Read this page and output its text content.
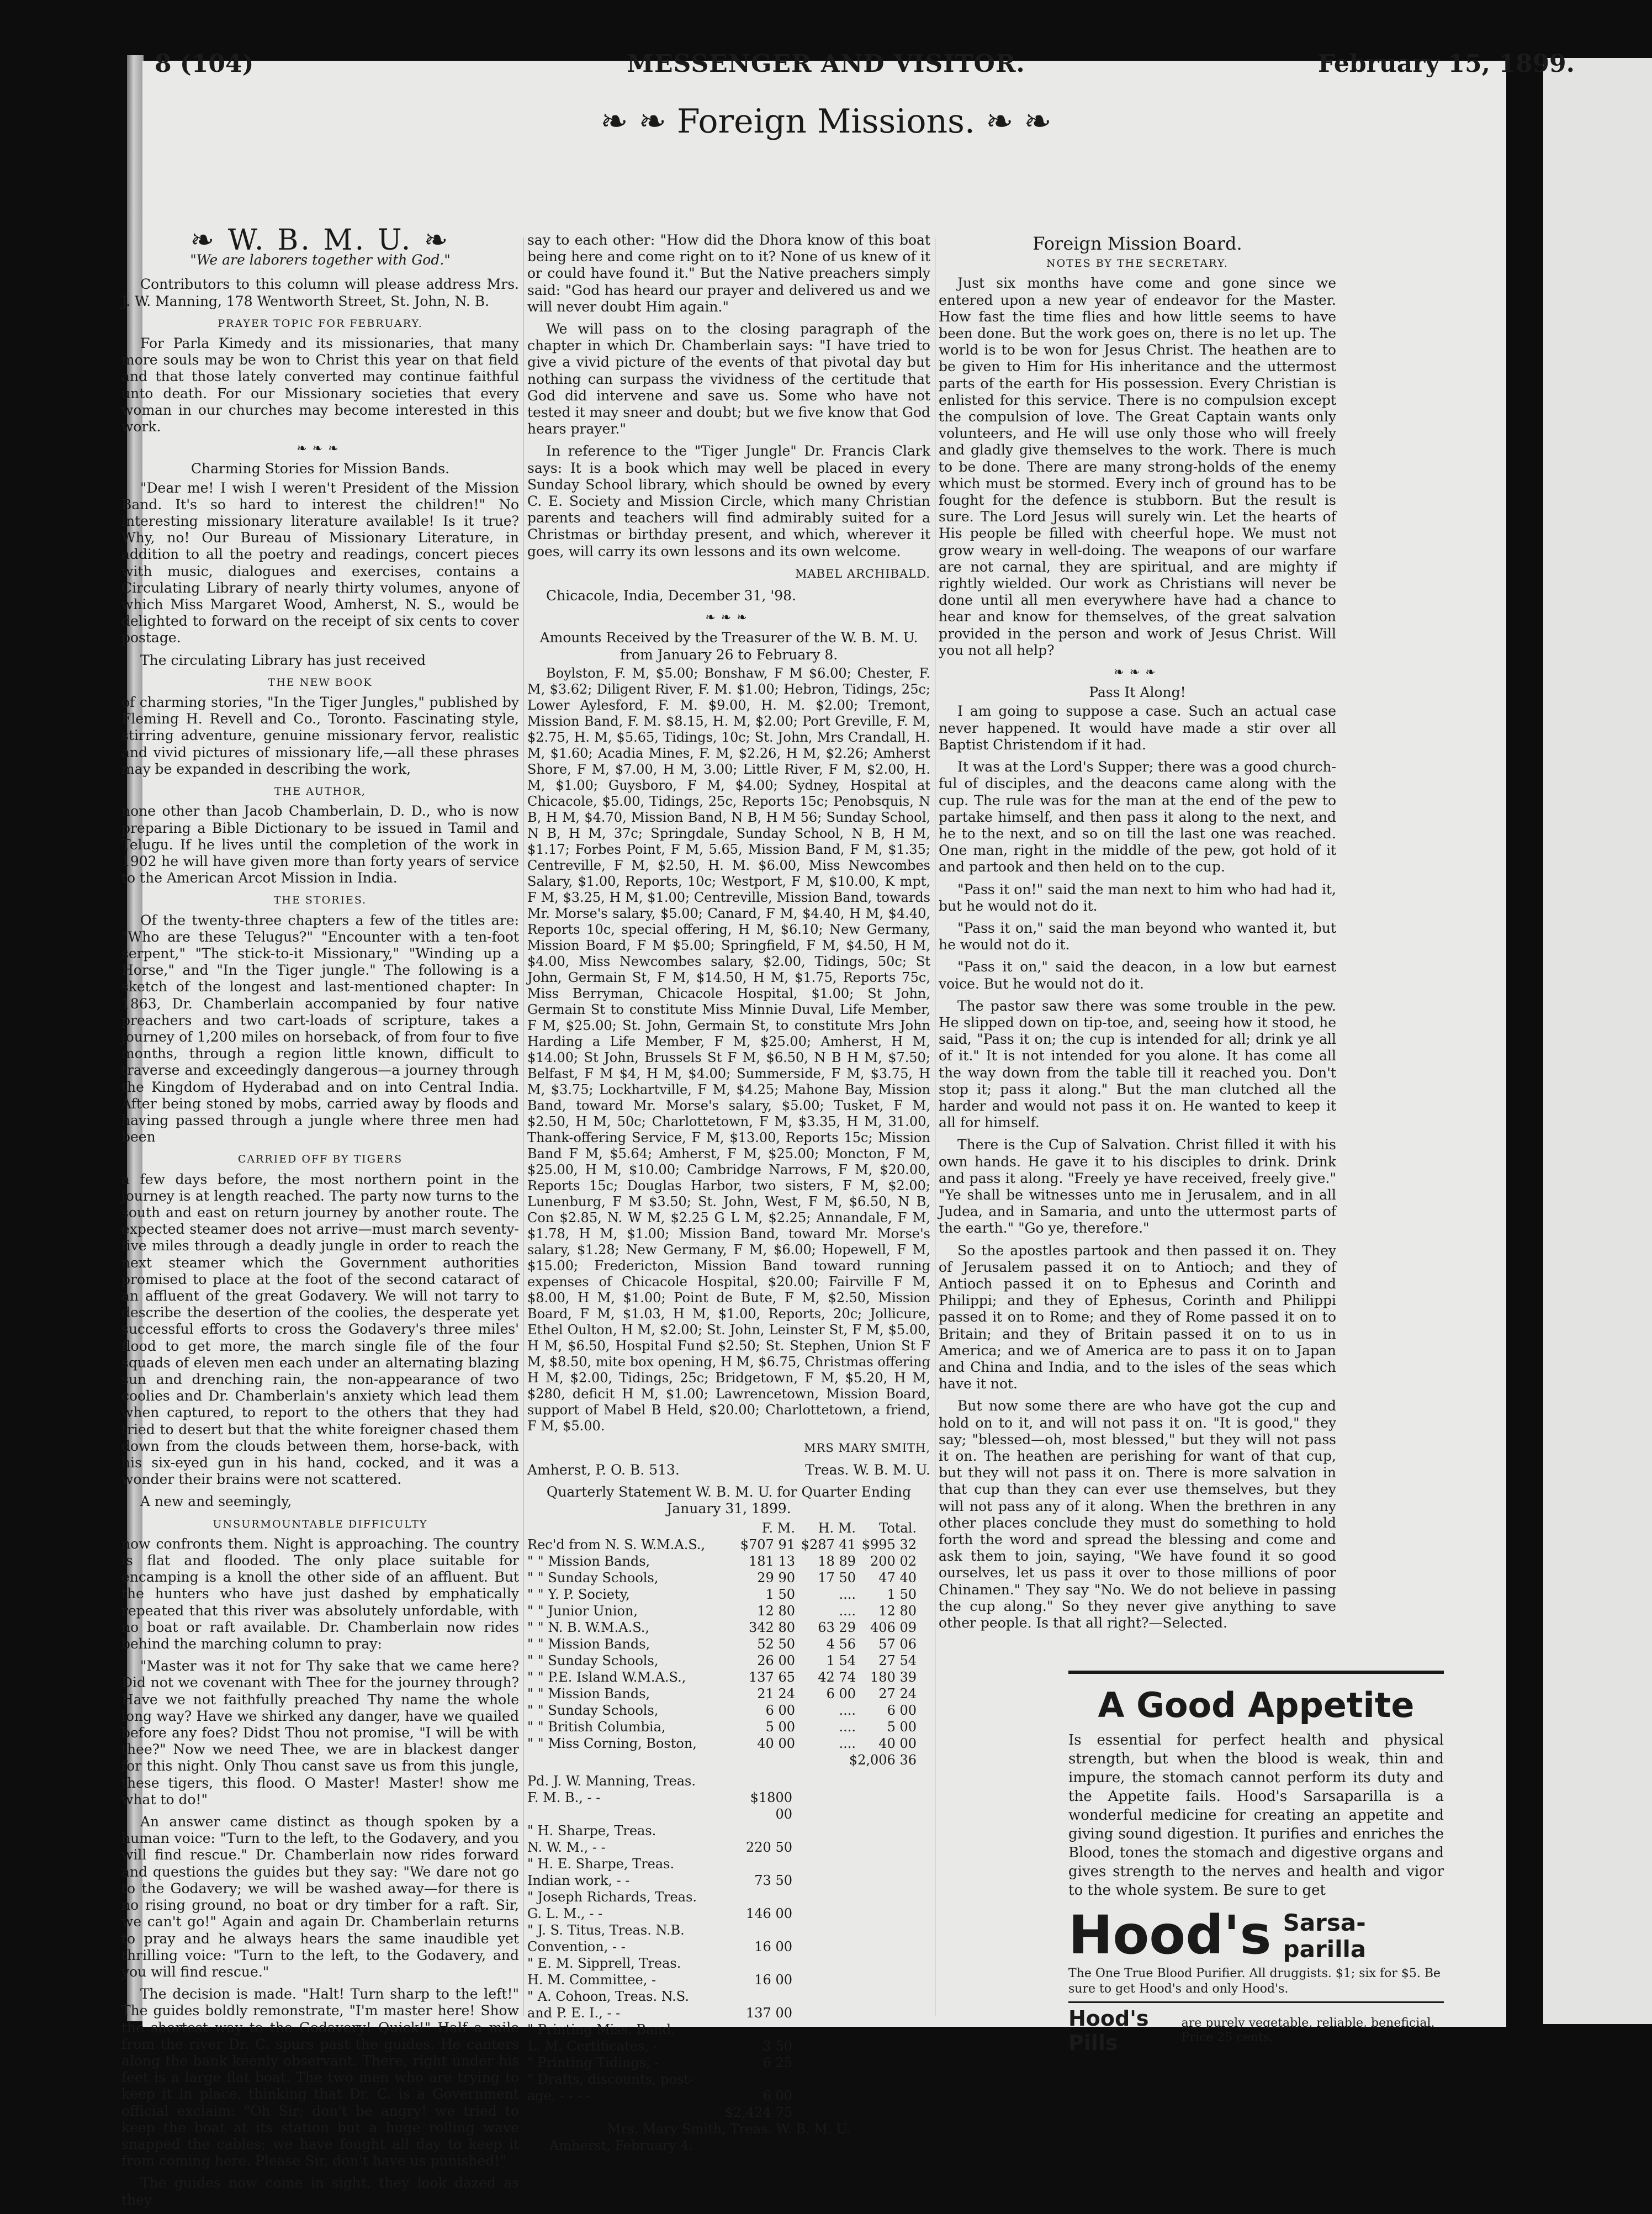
8 (104)	MESSENGER AND VISITOR.	February 15, 1899.
❧ ❧ Foreign Missions. ❧ ❧
❧ W. B. M. U. ❧
"We are laborers together with God."

Contributors to this column will please address Mrs. J. W. Manning, 178 Wentworth Street, St. John, N. B.

PRAYER TOPIC FOR FEBRUARY.

For Parla Kimedy and its missionaries, that many more souls may be won to Christ this year on that field and that those lately converted may continue faithful unto death. For our Missionary societies that every woman in our churches may become interested in this work.

❧❧❧
Charming Stories for Mission Bands.

"Dear me! I wish I weren't President of the Mission Band. It's so hard to interest the children!" No interesting missionary literature available! Is it true? Why, no! Our Bureau of Missionary Literature, in addition to all the poetry and readings, concert pieces with music, dialogues and exercises, contains a Circulating Library of nearly thirty volumes, anyone of which Miss Margaret Wood, Amherst, N. S., would be delighted to forward on the receipt of six cents to cover postage.

The circulating Library has just received

THE NEW BOOK

of charming stories, "In the Tiger Jungles," published by Fleming H. Revell and Co., Toronto. Fascinating style, stirring adventure, genuine missionary fervor, realistic and vivid pictures of missionary life,—all these phrases may be expanded in describing the work,

THE AUTHOR,

none other than Jacob Chamberlain, D. D., who is now preparing a Bible Dictionary to be issued in Tamil and Telugu. If he lives until the completion of the work in 1902 he will have given more than forty years of service to the American Arcot Mission in India.

THE STORIES.

Of the twenty-three chapters a few of the titles are: "Who are these Telugus?" "Encounter with a ten-foot serpent," "The stick-to-it Missionary," "Winding up a Horse," and "In the Tiger jungle." The following is a sketch of the longest and last-mentioned chapter: In 1863, Dr. Chamberlain accompanied by four native preachers and two cart-loads of scripture, takes a journey of 1,200 miles on horseback, of from four to five months, through a region little known, difficult to traverse and exceedingly dangerous—a journey through the Kingdom of Hyderabad and on into Central India. After being stoned by mobs, carried away by floods and having passed through a jungle where three men had been

CARRIED OFF BY TIGERS

a few days before, the most northern point in the journey is at length reached. The party now turns to the south and east on return journey by another route. The expected steamer does not arrive—must march seventy-five miles through a deadly jungle in order to reach the next steamer which the Government authorities promised to place at the foot of the second cataract of an affluent of the great Godavery. We will not tarry to describe the desertion of the coolies, the desperate yet successful efforts to cross the Godavery's three miles' flood to get more, the march single file of the four squads of eleven men each under an alternating blazing sun and drenching rain, the non-appearance of two coolies and Dr. Chamberlain's anxiety which lead them when captured, to report to the others that they had tried to desert but that the white foreigner chased them down from the clouds between them, horse-back, with his six-eyed gun in his hand, cocked, and it was a wonder their brains were not scattered.

A new and seemingly,

UNSURMOUNTABLE DIFFICULTY

now confronts them. Night is approaching. The country is flat and flooded. The only place suitable for encamping is a knoll the other side of an affluent. But the hunters who have just dashed by emphatically repeated that this river was absolutely unfordable, with no boat or raft available. Dr. Chamberlain now rides behind the marching column to pray:

"Master was it not for Thy sake that we came here? Did not we covenant with Thee for the journey through? Have we not faithfully preached Thy name the whole long way? Have we shirked any danger, have we quailed before any foes? Didst Thou not promise, "I will be with thee?" Now we need Thee, we are in blackest danger for this night. Only Thou canst save us from this jungle, these tigers, this flood. O Master! Master! show me what to do!"

An answer came distinct as though spoken by a human voice: "Turn to the left, to the Godavery, and you will find rescue." Dr. Chamberlain now rides forward and questions the guides but they say: "We dare not go to the Godavery; we will be washed away—for there is no rising ground, no boat or dry timber for a raft. Sir, we can't go!" Again and again Dr. Chamberlain returns to pray and he always hears the same inaudible yet thrilling voice: "Turn to the left, to the Godavery, and you will find rescue."

The decision is made. "Halt! Turn sharp to the left!" The guides boldly remonstrate, "I'm master here! Show the shortest way to the Godavery! Quick!" Half a mile from the river Dr. C. spurs past the guides. He canters along the bank keenly observant. There, right under his feet is a large flat boat. The two men who are trying to keep it in place, thinking that Dr. C. is a Government official exclaim: "Oh Sir; don't be angry! we tried to keep the boat at its station but a huge rolling wave snapped the cables; we have fought all day to keep it from coming here. Please Sir, don't have us punished!"

The guides now come in sight, they look dazed as they

say to each other: "How did the Dhora know of this boat being here and come right on to it? None of us knew of it or could have found it." But the Native preachers simply said: "God has heard our prayer and delivered us and we will never doubt Him again."

We will pass on to the closing paragraph of the chapter in which Dr. Chamberlain says: "I have tried to give a vivid picture of the events of that pivotal day but nothing can surpass the vividness of the certitude that God did intervene and save us. Some who have not tested it may sneer and doubt; but we five know that God hears prayer."

In reference to the "Tiger Jungle" Dr. Francis Clark says: It is a book which may well be placed in every Sunday School library, which should be owned by every C. E. Society and Mission Circle, which many Christian parents and teachers will find admirably suited for a Christmas or birthday present, and which, wherever it goes, will carry its own lessons and its own welcome.

MABEL ARCHIBALD.

Chicacole, India, December 31, '98.

❧❧❧
Amounts Received by the Treasurer of the W. B. M. U. from January 26 to February 8.

Boylston, F. M, $5.00; Bonshaw, F M $6.00; Chester, F. M, $3.62; Diligent River, F. M. $1.00; Hebron, Tidings, 25c; Lower Aylesford, F. M. $9.00, H. M. $2.00; Tremont, Mission Band, F. M. $8.15, H. M, $2.00; Port Greville, F. M, $2.75, H. M, $5.65, Tidings, 10c; St. John, Mrs Crandall, H. M, $1.60; Acadia Mines, F. M, $2.26, H M, $2.26; Amherst Shore, F M, $7.00, H M, 3.00; Little River, F M, $2.00, H. M, $1.00; Guysboro, F M, $4.00; Sydney, Hospital at Chicacole, $5.00, Tidings, 25c, Reports 15c; Penobsquis, N B, H M, $4.70, Mission Band, N B, H M 56; Sunday School, N B, H M, 37c; Springdale, Sunday School, N B, H M, $1.17; Forbes Point, F M, 5.65, Mission Band, F M, $1.35; Centreville, F M, $2.50, H. M. $6.00, Miss Newcombes Salary, $1.00, Reports, 10c; Westport, F M, $10.00, K mpt, F M, $3.25, H M, $1.00; Centreville, Mission Band, towards Mr. Morse's salary, $5.00; Canard, F M, $4.40, H M, $4.40, Reports 10c, special offering, H M, $6.10; New Germany, Mission Board, F M $5.00; Springfield, F M, $4.50, H M, $4.00, Miss Newcombes salary, $2.00, Tidings, 50c; St John, Germain St, F M, $14.50, H M, $1.75, Reports 75c, Miss Berryman, Chicacole Hospital, $1.00; St John, Germain St to constitute Miss Minnie Duval, Life Member, F M, $25.00; St. John, Germain St, to constitute Mrs John Harding a Life Member, F M, $25.00; Amherst, H M, $14.00; St John, Brussels St F M, $6.50, N B H M, $7.50; Belfast, F M $4, H M, $4.00; Summerside, F M, $3.75, H M, $3.75; Lockhartville, F M, $4.25; Mahone Bay, Mission Band, toward Mr. Morse's salary, $5.00; Tusket, F M, $2.50, H M, 50c; Charlottetown, F M, $3.35, H M, 31.00, Thank-offering Service, F M, $13.00, Reports 15c; Mission Band F M, $5.64; Amherst, F M, $25.00; Moncton, F M, $25.00, H M, $10.00; Cambridge Narrows, F M, $20.00, Reports 15c; Douglas Harbor, two sisters, F M, $2.00; Lunenburg, F M $3.50; St. John, West, F M, $6.50, N B, Con $2.85, N. W M, $2.25 G L M, $2.25; Annandale, F M, $1.78, H M, $1.00; Mission Band, toward Mr. Morse's salary, $1.28; New Germany, F M, $6.00; Hopewell, F M, $15.00; Fredericton, Mission Band toward running expenses of Chicacole Hospital, $20.00; Fairville F M, $8.00, H M, $1.00; Point de Bute, F M, $2.50, Mission Board, F M, $1.03, H M, $1.00, Reports, 20c; Jollicure, Ethel Oulton, H M, $2.00; St. John, Leinster St, F M, $5.00, H M, $6.50, Hospital Fund $2.50; St. Stephen, Union St F M, $8.50, mite box opening, H M, $6.75, Christmas offering H M, $2.00, Tidings, 25c; Bridgetown, F M, $5.20, H M, $280, deficit H M, $1.00; Lawrencetown, Mission Board, support of Mabel B Held, $20.00; Charlottetown, a friend, F M, $5.00.

MRS MARY SMITH,
Amherst, P. O. B. 513.	Treas. W. B. M. U.
Quarterly Statement W. B. M. U. for Quarter Ending January 31, 1899.
F. M.	H. M.	Total.
Rec'd from N. S. W.M.A.S.,	$707 91 $287 41 $995 32
" " Mission Bands,	181 13	18 89	200 02
" " Sunday Schools,	29 90	17 50	47 40
" " Y. P. Society,	1 50	....	1 50
" " Junior Union,	12 80	....	12 80
" " N. B. W.M.A.S.,	342 80	63 29	406 09
" " Mission Bands,	52 50	4 56	57 06
" " Sunday Schools,	26 00	1 54	27 54
" " P.E. Island W.M.A.S.,	137 65	42 74	180 39
" " Mission Bands,	21 24	6 00	27 24
" " Sunday Schools,	6 00	....	6 00
" " British Columbia,	5 00	....	5 00
" " Miss Corning, Boston,	40 00	....	40 00
$2,006 36
Pd. J. W. Manning, Treas.
F. M. B., - -	$1800 00
" H. Sharpe, Treas.
N. W. M., - -	220 50
" H. E. Sharpe, Treas.
Indian work, - -	73 50
" Joseph Richards, Treas.
G. L. M., - -	146 00
" J. S. Titus, Treas. N.B.
Convention, - -	16 00
" E. M. Sipprell, Treas.
H. M. Committee, -	16 00
" A. Cohoon, Treas. N.S.
and P. E. I., - -	137 00
" Printing Miss. Band,
L. M. Certificates, -	3 50
" Printing Tidings, -	6 25
" Drafts, discounts, post-
age, - - - -	6 00
$2,424 75
Mrs. Mary Smith, Treas. W. B. M. U.
Amherst, February 4.
Foreign Mission Board.
NOTES BY THE SECRETARY.

Just six months have come and gone since we entered upon a new year of endeavor for the Master. How fast the time flies and how little seems to have been done. But the work goes on, there is no let up. The world is to be won for Jesus Christ. The heathen are to be given to Him for His inheritance and the uttermost parts of the earth for His possession. Every Christian is enlisted for this service. There is no compulsion except the compulsion of love. The Great Captain wants only volunteers, and He will use only those who will freely and gladly give themselves to the work. There is much to be done. There are many strong-holds of the enemy which must be stormed. Every inch of ground has to be fought for the defence is stubborn. But the result is sure. The Lord Jesus will surely win. Let the hearts of His people be filled with cheerful hope. We must not grow weary in well-doing. The weapons of our warfare are not carnal, they are spiritual, and are mighty if rightly wielded. Our work as Christians will never be done until all men everywhere have had a chance to hear and know for themselves, of the great salvation provided in the person and work of Jesus Christ. Will you not all help?

❧❧❧
Pass It Along!

I am going to suppose a case. Such an actual case never happened. It would have made a stir over all Baptist Christendom if it had.

It was at the Lord's Supper; there was a good church-ful of disciples, and the deacons came along with the cup. The rule was for the man at the end of the pew to partake himself, and then pass it along to the next, and he to the next, and so on till the last one was reached. One man, right in the middle of the pew, got hold of it and partook and then held on to the cup.

"Pass it on!" said the man next to him who had had it, but he would not do it.

"Pass it on," said the man beyond who wanted it, but he would not do it.

"Pass it on," said the deacon, in a low but earnest voice. But he would not do it.

The pastor saw there was some trouble in the pew. He slipped down on tip-toe, and, seeing how it stood, he said, "Pass it on; the cup is intended for all; drink ye all of it." It is not intended for you alone. It has come all the way down from the table till it reached you. Don't stop it; pass it along." But the man clutched all the harder and would not pass it on. He wanted to keep it all for himself.

There is the Cup of Salvation. Christ filled it with his own hands. He gave it to his disciples to drink. Drink and pass it along. "Freely ye have received, freely give." "Ye shall be witnesses unto me in Jerusalem, and in all Judea, and in Samaria, and unto the uttermost parts of the earth." "Go ye, therefore."

So the apostles partook and then passed it on. They of Jerusalem passed it on to Antioch; and they of Antioch passed it on to Ephesus and Corinth and Philippi; and they of Ephesus, Corinth and Philippi passed it on to Rome; and they of Rome passed it on to Britain; and they of Britain passed it on to us in America; and we of America are to pass it on to Japan and China and India, and to the isles of the seas which have it not.

But now some there are who have got the cup and hold on to it, and will not pass it on. "It is good," they say; "blessed—oh, most blessed," but they will not pass it on. The heathen are perishing for want of that cup, but they will not pass it on. There is more salvation in that cup than they can ever use themselves, but they will not pass any of it along. When the brethren in any other places conclude they must do something to hold forth the word and spread the blessing and come and ask them to join, saying, "We have found it so good ourselves, let us pass it over to those millions of poor Chinamen." They say "No. We do not believe in passing the cup along." So they never give anything to save other people. Is that all right?—Selected.

A Good Appetite
Is essential for perfect health and physical strength, but when the blood is weak, thin and impure, the stomach cannot perform its duty and the Appetite fails. Hood's Sarsaparilla is a wonderful medicine for creating an appetite and giving sound digestion. It purifies and enriches the Blood, tones the stomach and digestive organs and gives strength to the nerves and health and vigor to the whole system. Be sure to get
Hood's Sarsa-
parilla
The One True Blood Purifier. All druggists. $1; six for $5. Be sure to get Hood's and only Hood's.
Hood's Pills
are purely vegetable, reliable, beneficial. Price 25 cents.
